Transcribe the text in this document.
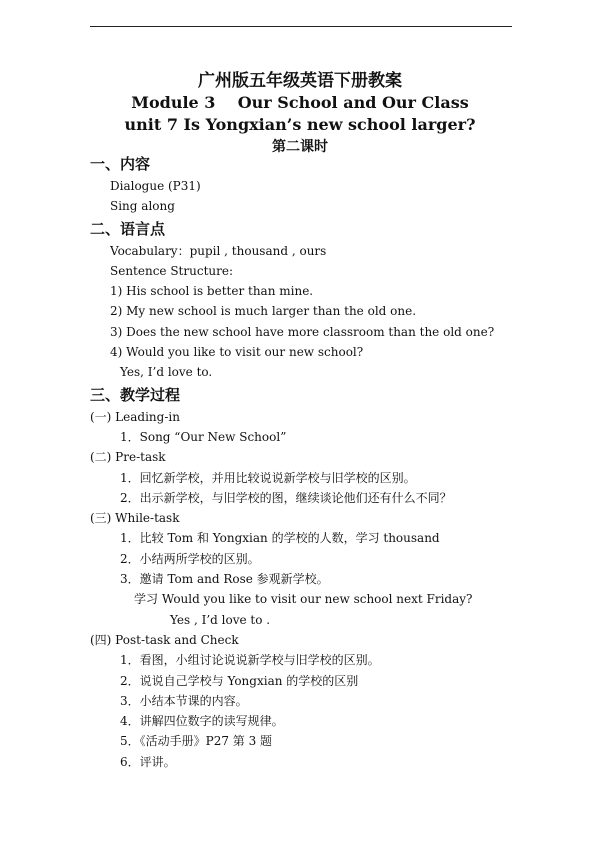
广州版五年级英语下册教案
Module 3    Our School and Our Class
unit 7 Is Yongxian’s new school larger?
第二课时
一、内容
Dialogue (P31)
Sing along
二、语言点
Vocabulary：pupil , thousand , ours
Sentence Structure:
1) His school is better than mine.
2) My new school is much larger than the old one.
3) Does the new school have more classroom than the old one?
4) Would you like to visit our new school?
Yes, I’d love to.
三、教学过程
(一) Leading-in
1．Song “Our New School”
(二) Pre-task
1．回忆新学校，并用比较说说新学校与旧学校的区别。
2．出示新学校，与旧学校的图，继续谈论他们还有什么不同？
(三) While-task
1．比较 Tom 和 Yongxian 的学校的人数，学习 thousand
2．小结两所学校的区别。
3．邀请 Tom and Rose 参观新学校。
学习 Would you like to visit our new school next Friday?
Yes , I’d love to .
(四) Post-task and Check
1．看图，小组讨论说说新学校与旧学校的区别。
2．说说自己学校与 Yongxian 的学校的区别
3．小结本节课的内容。
4．讲解四位数字的读写规律。
5．《活动手册》P27 第 3 题
6．评讲。
